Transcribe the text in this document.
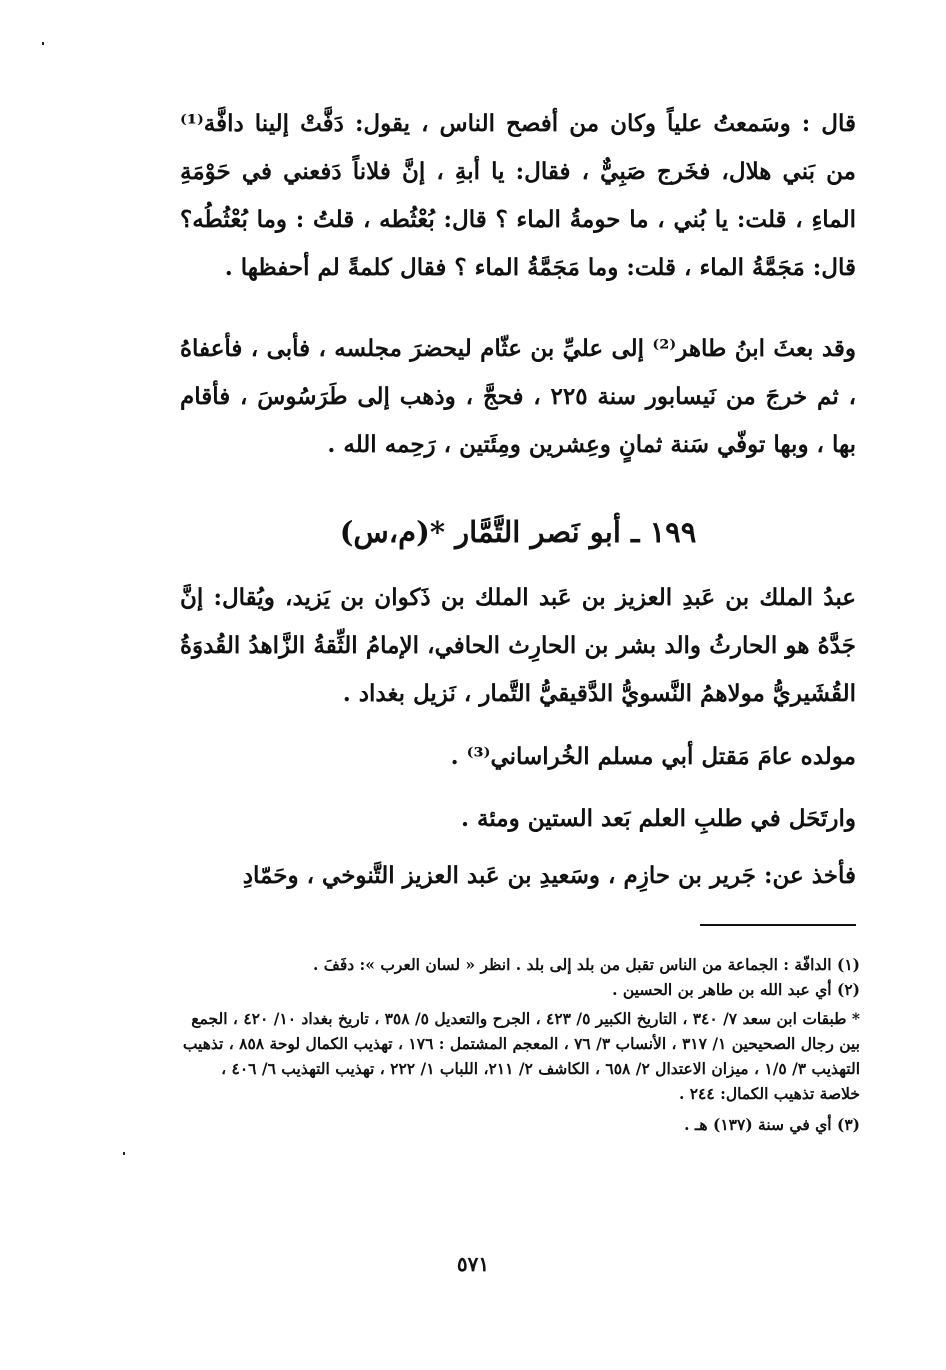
قال : وسَمعتُ علياً وكان من أفصح الناس ، يقول: دَفَّتْ إلينا دافَّة⁽¹⁾ من بَني هلال، فخَرج صَبِيٌّ ، فقال: يا أبةِ ، إنَّ فلاناً دَفعني في حَوْمَةِ الماءِ ، قلت: يا بُني ، ما حومةُ الماء ؟ قال: بُعْثُطه ، قلتُ : وما بُعْثُطُه؟قال: مَجَمَّةُ الماء ، قلت: وما مَجَمَّةُ الماء ؟ فقال كلمةً لم أحفظها .
وقد بعثَ ابنُ طاهر⁽²⁾ إلى عليِّ بن عثّام ليحضرَ مجلسه ، فأبى ، فأعفاهُ ، ثم خرجَ من نَيسابور سنة ٢٢٥ ، فحجَّ ، وذهب إلى طَرَسُوسَ ، فأقام بها ، وبها توفّي سَنة ثمانٍ وعِشرين ومِئَتين ، رَحِمه الله .
١٩٩ ـ أبو نَصر التَّمَّار *(م،س)
عبدُ الملك بن عَبدِ العزيز بن عَبد الملك بن ذَكوان بن يَزيد، ويُقال: إنَّ جَدَّهُ هو الحارثُ والد بشر بن الحارِث الحافي، الإمامُ الثِّقةُ الزَّاهدُ القُدوَةُ القُشَيريُّ مولاهمُ النَّسويُّ الدَّقيقيُّ التَّمار ، نَزيل بغداد .
مولده عامَ مَقتل أبي مسلم الخُراساني⁽³⁾ .
وارتَحَل في طلبِ العلم بَعد الستين ومئة .
فأخذ عن: جَرير بن حازِم ، وسَعيدِ بن عَبد العزيز التَّنوخي ، وحَمّادِ

(١) الدافّة : الجماعة من الناس تقبل من بلد إلى بلد . انظر « لسان العرب »: دفَفَ .

(٢) أي عبد الله بن طاهر بن الحسين .

* طبقات ابن سعد ٧/ ٣٤٠ ، التاريخ الكبير ٥/ ٤٢٣ ، الجرح والتعديل ٥/ ٣٥٨ ، تاريخ بغداد ١٠/ ٤٢٠ ، الجمع بين رجال الصحيحين ١/ ٣١٧ ، الأنساب ٣/ ٧٦ ، المعجم المشتمل : ١٧٦ ، تهذيب الكمال لوحة ٨٥٨ ، تذهيب التهذيب ٣/ ١/٥ ، ميزان الاعتدال ٢/ ٦٥٨ ، الكاشف ٢/ ٢١١، اللباب ١/ ٢٢٢ ، تهذيب التهذيب ٦/ ٤٠٦ ، خلاصة تذهيب الكمال: ٢٤٤ .

(٣) أي في سنة (١٣٧) هـ .

٥٧١
